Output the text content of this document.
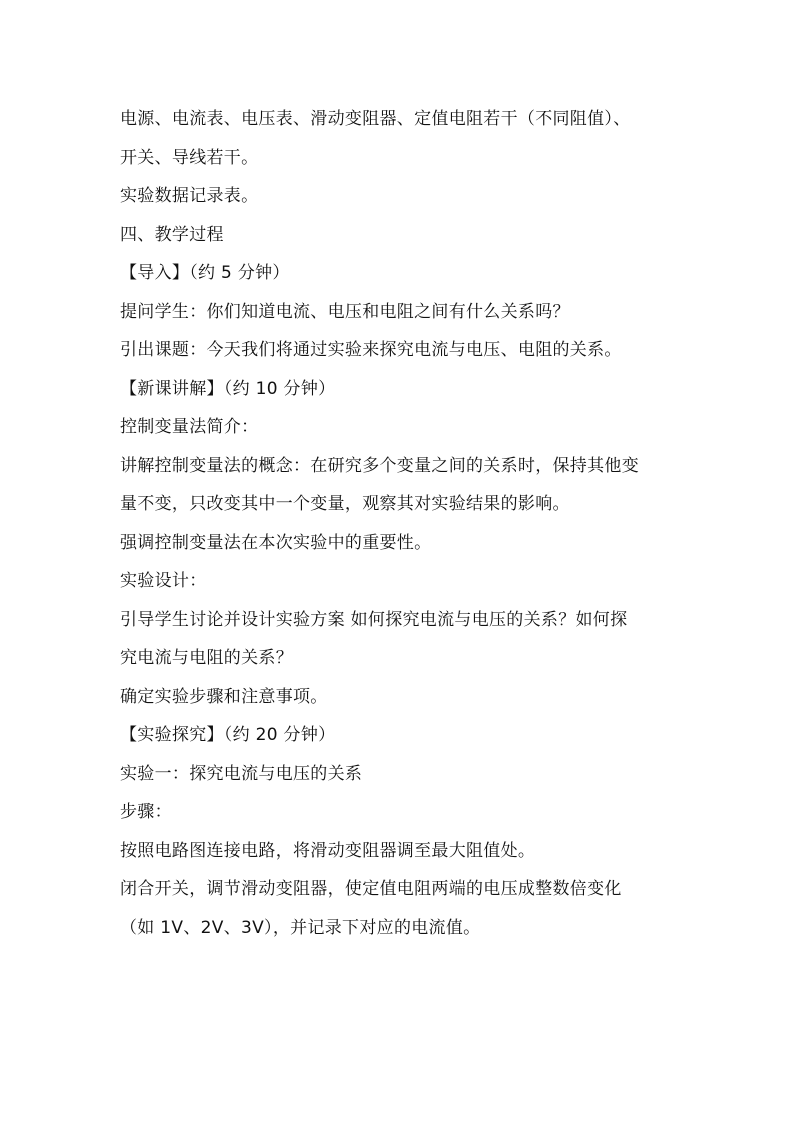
电源、电流表、电压表、滑动变阻器、定值电阻若干（不同阻值）、
开关、导线若干。
实验数据记录表。
四、教学过程
【导入】（约 5 分钟）
提问学生：你们知道电流、电压和电阻之间有什么关系吗？
引出课题：今天我们将通过实验来探究电流与电压、电阻的关系。
【新课讲解】（约 10 分钟）
控制变量法简介：
讲解控制变量法的概念：在研究多个变量之间的关系时，保持其他变
量不变，只改变其中一个变量，观察其对实验结果的影响。
强调控制变量法在本次实验中的重要性。
实验设计：
引导学生讨论并设计实验方案 如何探究电流与电压的关系？如何探
究电流与电阻的关系？
确定实验步骤和注意事项。
【实验探究】（约 20 分钟）
实验一：探究电流与电压的关系
步骤：
按照电路图连接电路，将滑动变阻器调至最大阻值处。
闭合开关，调节滑动变阻器，使定值电阻两端的电压成整数倍变化
（如 1V、2V、3V），并记录下对应的电流值。
